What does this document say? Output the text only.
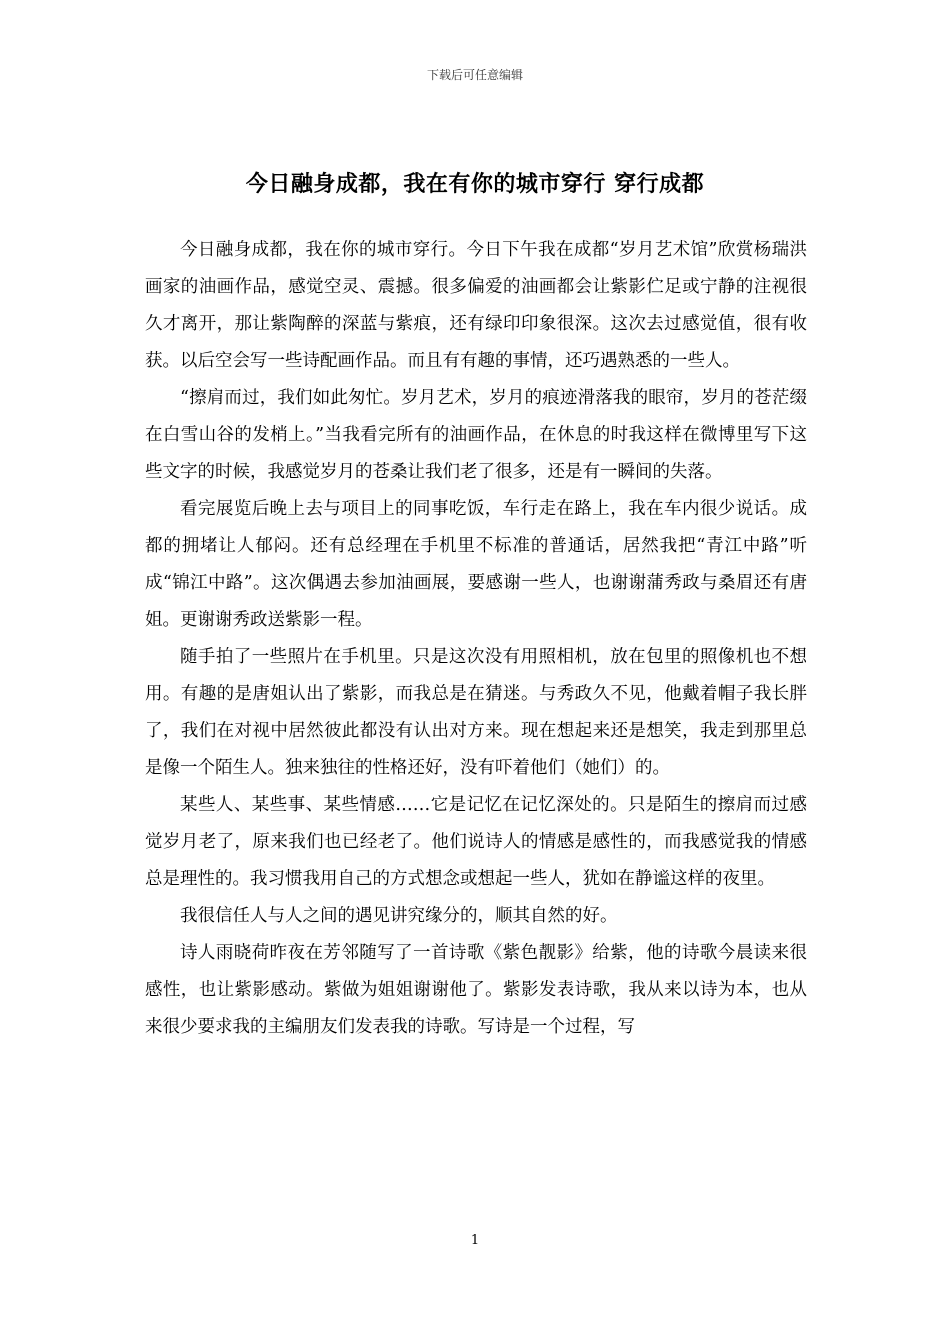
下载后可任意编辑
今日融身成都，我在有你的城市穿行 穿行成都

今日融身成都，我在你的城市穿行。今日下午我在成都“岁月艺术馆”欣赏杨瑞洪画家的油画作品，感觉空灵、震撼。很多偏爱的油画都会让紫影伫足或宁静的注视很久才离开，那让紫陶醉的深蓝与紫痕，还有绿印印象很深。这次去过感觉值，很有收获。以后空会写一些诗配画作品。而且有有趣的事情，还巧遇熟悉的一些人。

“擦肩而过，我们如此匆忙。岁月艺术，岁月的痕迹滑落我的眼帘，岁月的苍茫缀在白雪山谷的发梢上。”当我看完所有的油画作品，在休息的时我这样在微博里写下这些文字的时候，我感觉岁月的苍桑让我们老了很多，还是有一瞬间的失落。

看完展览后晚上去与项目上的同事吃饭，车行走在路上，我在车内很少说话。成都的拥堵让人郁闷。还有总经理在手机里不标准的普通话，居然我把“青江中路”听成“锦江中路”。这次偶遇去参加油画展，要感谢一些人，也谢谢蒲秀政与桑眉还有唐姐。更谢谢秀政送紫影一程。

随手拍了一些照片在手机里。只是这次没有用照相机，放在包里的照像机也不想用。有趣的是唐姐认出了紫影，而我总是在猜迷。与秀政久不见，他戴着帽子我长胖了，我们在对视中居然彼此都没有认出对方来。现在想起来还是想笑，我走到那里总是像一个陌生人。独来独往的性格还好，没有吓着他们（她们）的。

某些人、某些事、某些情感……它是记忆在记忆深处的。只是陌生的擦肩而过感觉岁月老了，原来我们也已经老了。他们说诗人的情感是感性的，而我感觉我的情感总是理性的。我习惯我用自己的方式想念或想起一些人，犹如在静谧这样的夜里。

我很信任人与人之间的遇见讲究缘分的，顺其自然的好。

诗人雨晓荷昨夜在芳邻随写了一首诗歌《紫色靓影》给紫，他的诗歌今晨读来很感性，也让紫影感动。紫做为姐姐谢谢他了。紫影发表诗歌，我从来以诗为本，也从来很少要求我的主编朋友们发表我的诗歌。写诗是一个过程，写

1
